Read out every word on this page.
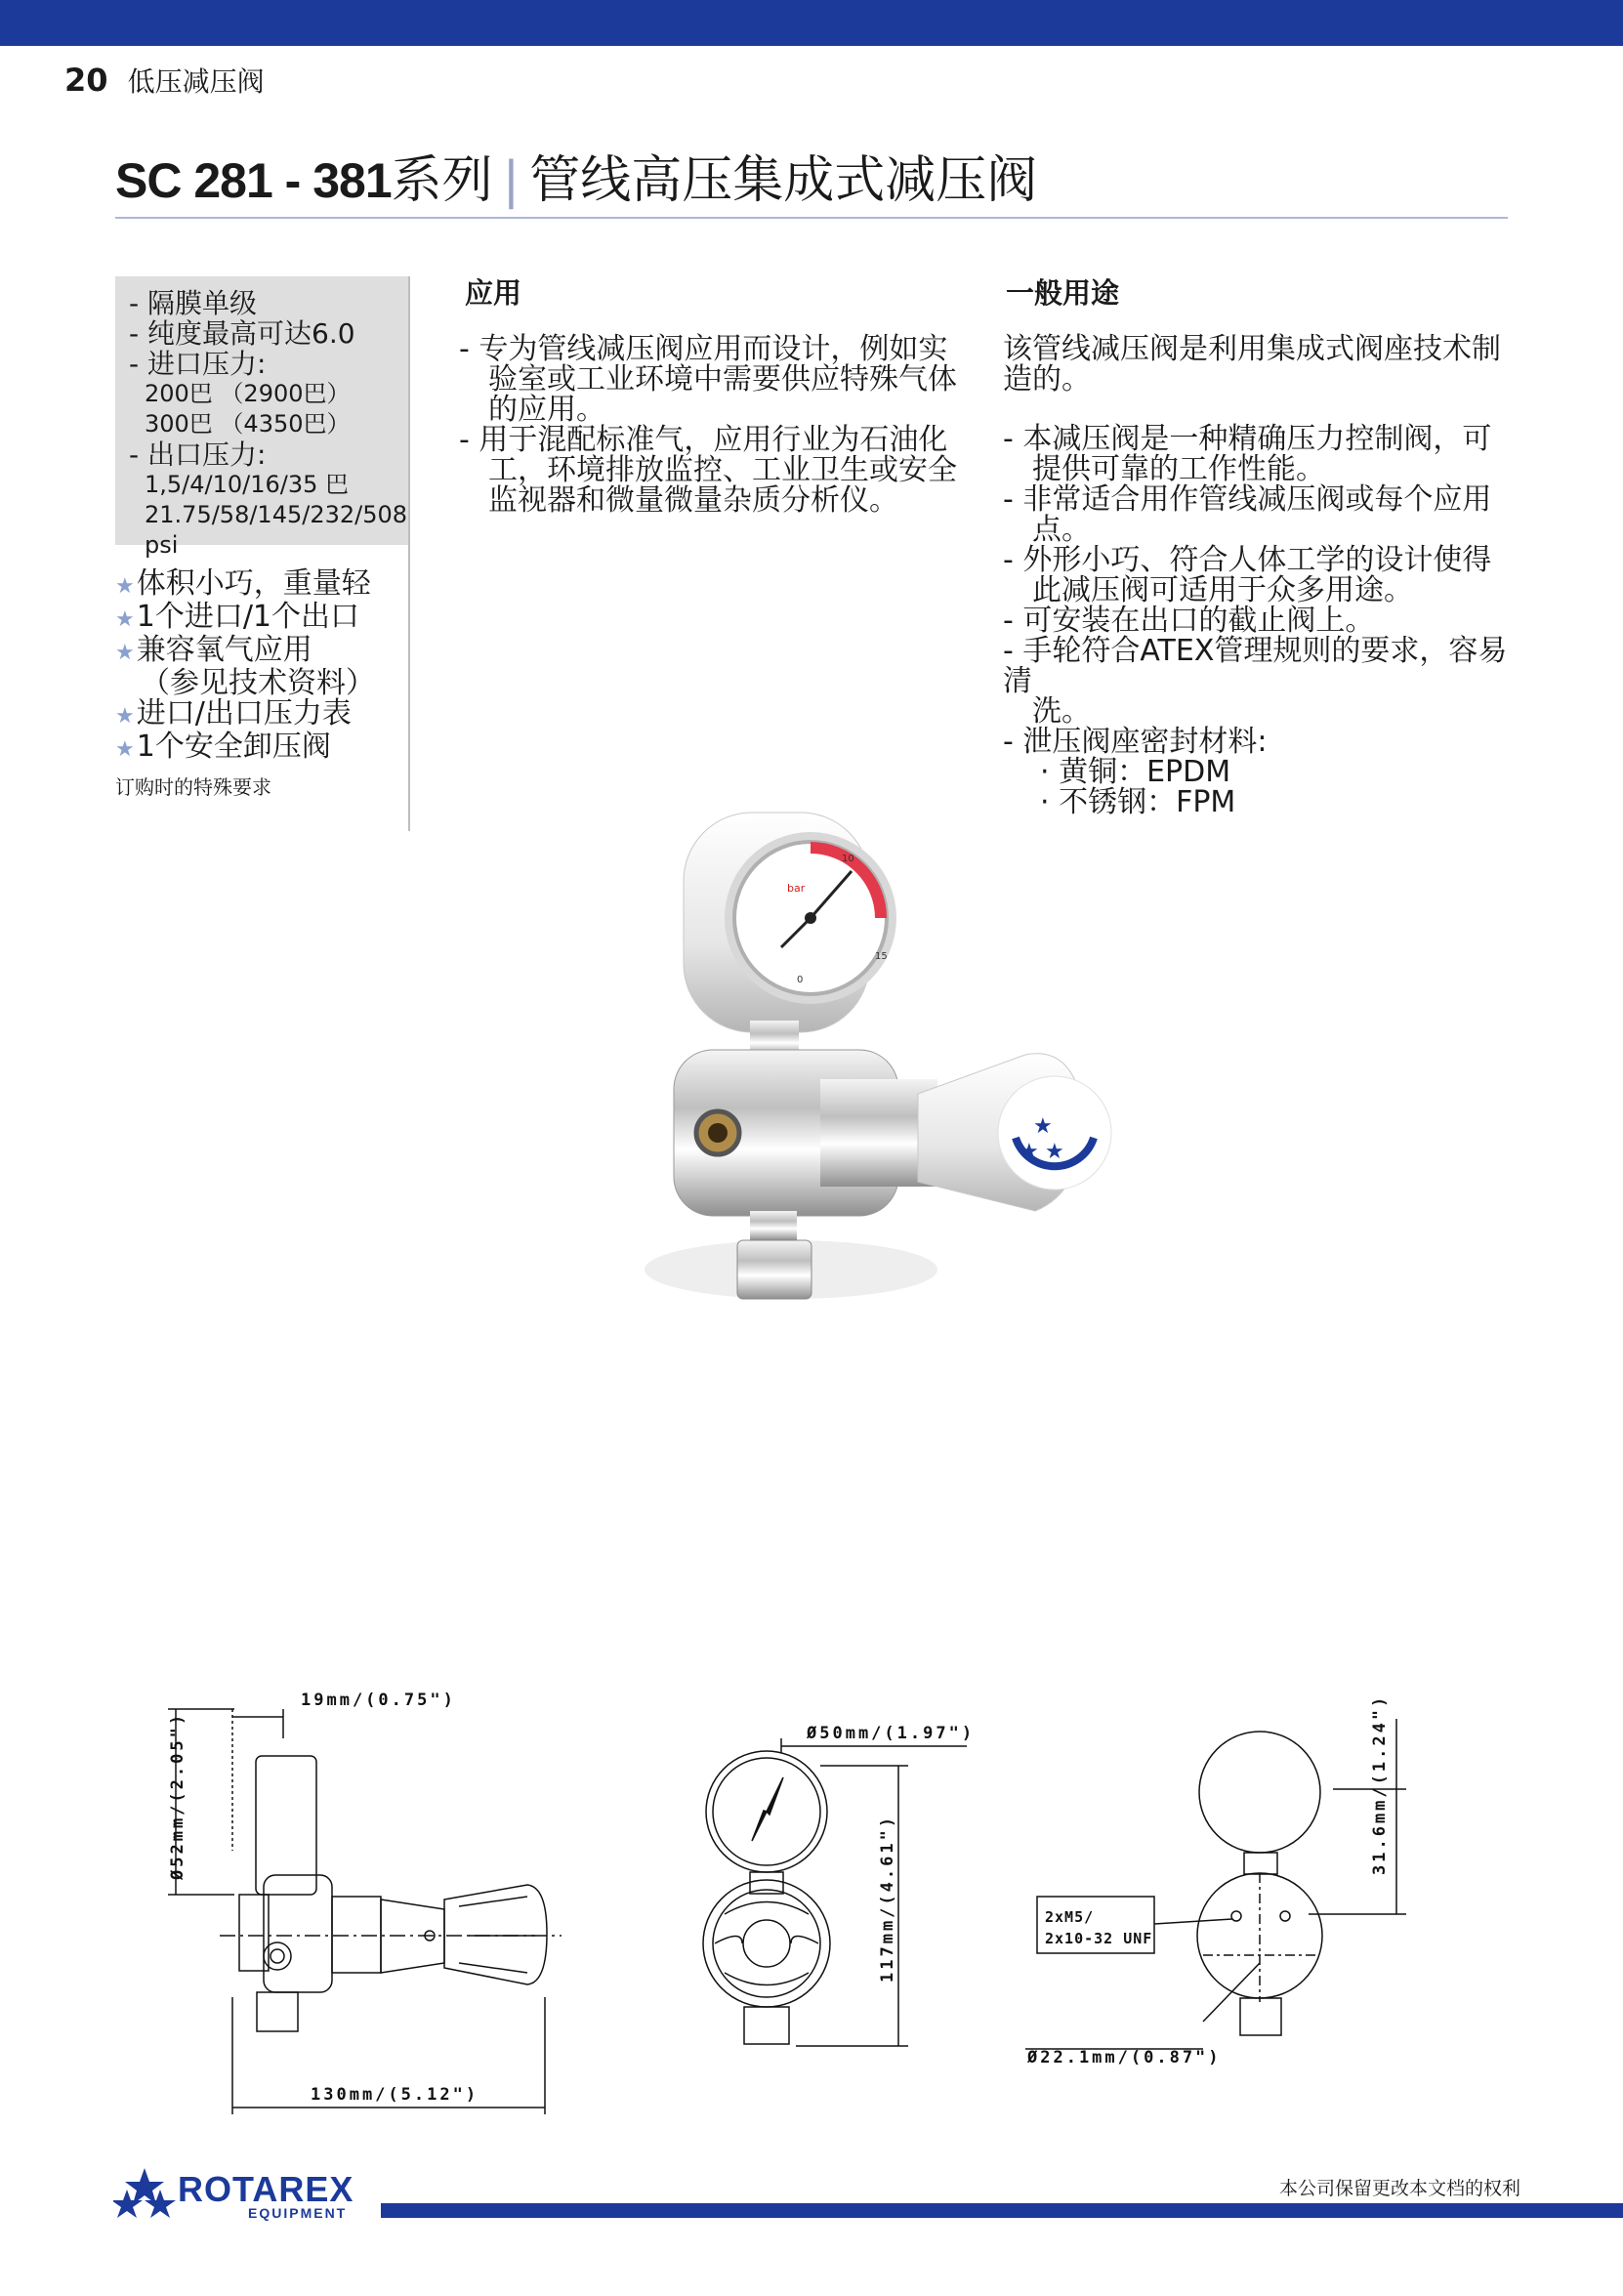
20 低压减压阀
SC 281 - 381系列 | 管线高压集成式减压阀
- 隔膜单级
- 纯度最高可达6.0
- 进口压力:
200巴 （2900巴）
300巴 （4350巴）
- 出口压力:
1,5/4/10/16/35 巴
21.75/58/145/232/508 psi
★体积小巧，重量轻
★1个进口/1个出口
★兼容氧气应用
（参见技术资料）
★进口/出口压力表
★1个安全卸压阀
订购时的特殊要求
应用

- 专为管线减压阀应用而设计，例如实

验室或工业环境中需要供应特殊气体

的应用。

- 用于混配标准气，应用行业为石油化

工，环境排放监控、工业卫生或安全

监视器和微量微量杂质分析仪。

一般用途

该管线减压阀是利用集成式阀座技术制

造的。

- 本减压阀是一种精确压力控制阀，可

提供可靠的工作性能。

- 非常适合用作管线减压阀或每个应用

点。

- 外形小巧、符合人体工学的设计使得

此减压阀可适用于众多用途。

- 可安装在出口的截止阀上。

- 手轮符合ATEX管理规则的要求，容易清

洗。

- 泄压阀座密封材料:

· 黄铜：EPDM

· 不锈钢：FPM

bar
0
10
15
★
★ ★
19mm/(0.75")
Ø52mm/(2.05")
130mm/(5.12")
Ø50mm/(1.97")
117mm/(4.61")
31.6mm/(1.24")
2xM5/
2x10-32 UNF
Ø22.1mm/(0.87")
ROTAREX
EQUIPMENT
本公司保留更改本文档的权利
